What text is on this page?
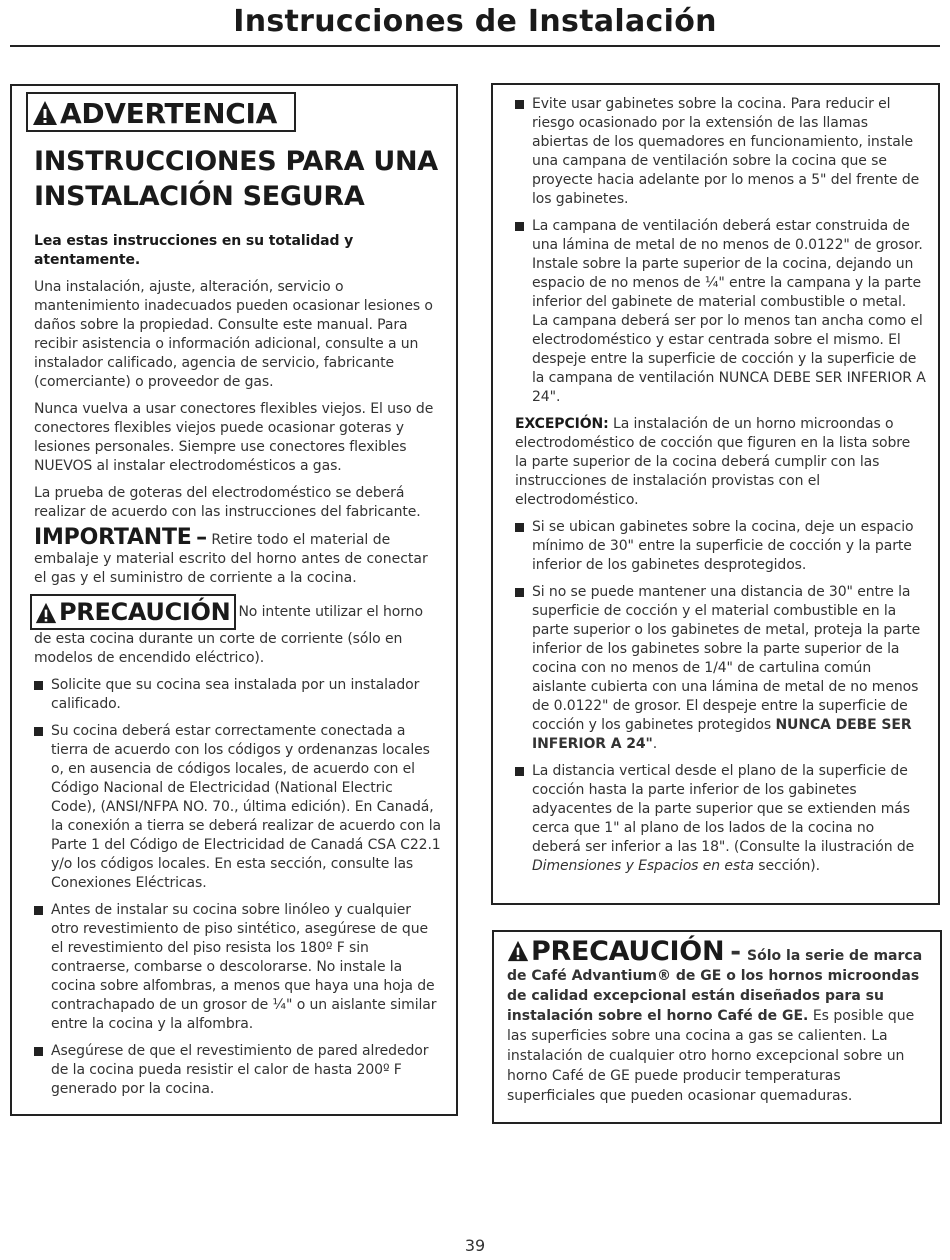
Instrucciones de Instalación
ADVERTENCIA
INSTRUCCIONES PARA UNA INSTALACIÓN SEGURA

Lea estas instrucciones en su totalidad y atentamente.

Una instalación, ajuste, alteración, servicio o mantenimiento inadecuados pueden ocasionar lesiones o daños sobre la propiedad. Consulte este manual. Para recibir asistencia o información adicional, consulte a un instalador calificado, agencia de servicio, fabricante (comerciante) o proveedor de gas.

Nunca vuelva a usar conectores flexibles viejos. El uso de conectores flexibles viejos puede ocasionar goteras y lesiones personales. Siempre use conectores flexibles NUEVOS al instalar electrodomésticos a gas.

La prueba de goteras del electrodoméstico se deberá realizar de acuerdo con las instrucciones del fabricante.

IMPORTANTE – Retire todo el material de embalaje y material escrito del horno antes de conectar el gas y el suministro de corriente a la cocina.

PRECAUCIÓN No intente utilizar el horno de esta cocina durante un corte de corriente (sólo en modelos de encendido eléctrico).

Solicite que su cocina sea instalada por un instalador calificado.
Su cocina deberá estar correctamente conectada a tierra de acuerdo con los códigos y ordenanzas locales o, en ausencia de códigos locales, de acuerdo con el Código Nacional de Electricidad (National Electric Code), (ANSI/NFPA NO. 70., última edición). En Canadá, la conexión a tierra se deberá realizar de acuerdo con la Parte 1 del Código de Electricidad de Canadá CSA C22.1 y/o los códigos locales. En esta sección, consulte las Conexiones Eléctricas.
Antes de instalar su cocina sobre linóleo y cualquier otro revestimiento de piso sintético, asegúrese de que el revestimiento del piso resista los 180º F sin contraerse, combarse o descolorarse. No instale la cocina sobre alfombras, a menos que haya una hoja de contrachapado de un grosor de ¼" o un aislante similar entre la cocina y la alfombra.
Asegúrese de que el revestimiento de pared alrededor de la cocina pueda resistir el calor de hasta 200º F generado por la cocina.
Evite usar gabinetes sobre la cocina. Para reducir el riesgo ocasionado por la extensión de las llamas abiertas de los quemadores en funcionamiento, instale una campana de ventilación sobre la cocina que se proyecte hacia adelante por lo menos a 5" del frente de los gabinetes.
La campana de ventilación deberá estar construida de una lámina de metal de no menos de 0.0122" de grosor. Instale sobre la parte superior de la cocina, dejando un espacio de no menos de ¼" entre la campana y la parte inferior del gabinete de material combustible o metal. La campana deberá ser por lo menos tan ancha como el electrodoméstico y estar centrada sobre el mismo. El despeje entre la superficie de cocción y la superficie de la campana de ventilación NUNCA DEBE SER INFERIOR A 24".

EXCEPCIÓN: La instalación de un horno microondas o electrodoméstico de cocción que figuren en la lista sobre la parte superior de la cocina deberá cumplir con las instrucciones de instalación provistas con el electrodoméstico.

Si se ubican gabinetes sobre la cocina, deje un espacio mínimo de 30" entre la superficie de cocción y la parte inferior de los gabinetes desprotegidos.
Si no se puede mantener una distancia de 30" entre la superficie de cocción y el material combustible en la parte superior o los gabinetes de metal, proteja la parte inferior de los gabinetes sobre la parte superior de la cocina con no menos de 1/4" de cartulina común aislante cubierta con una lámina de metal de no menos de 0.0122" de grosor. El despeje entre la superficie de cocción y los gabinetes protegidos NUNCA DEBE SER INFERIOR A 24".
La distancia vertical desde el plano de la superficie de cocción hasta la parte inferior de los gabinetes adyacentes de la parte superior que se extienden más cerca que 1" al plano de los lados de la cocina no deberá ser inferior a las 18". (Consulte la ilustración de Dimensiones y Espacios en esta sección).

PRECAUCIÓN - Sólo la serie de marca de Café Advantium® de GE o los hornos microondas de calidad excepcional están diseñados para su instalación sobre el horno Café de GE. Es posible que las superficies sobre una cocina a gas se calienten. La instalación de cualquier otro horno excepcional sobre un horno Café de GE puede producir temperaturas superficiales que pueden ocasionar quemaduras.

39
